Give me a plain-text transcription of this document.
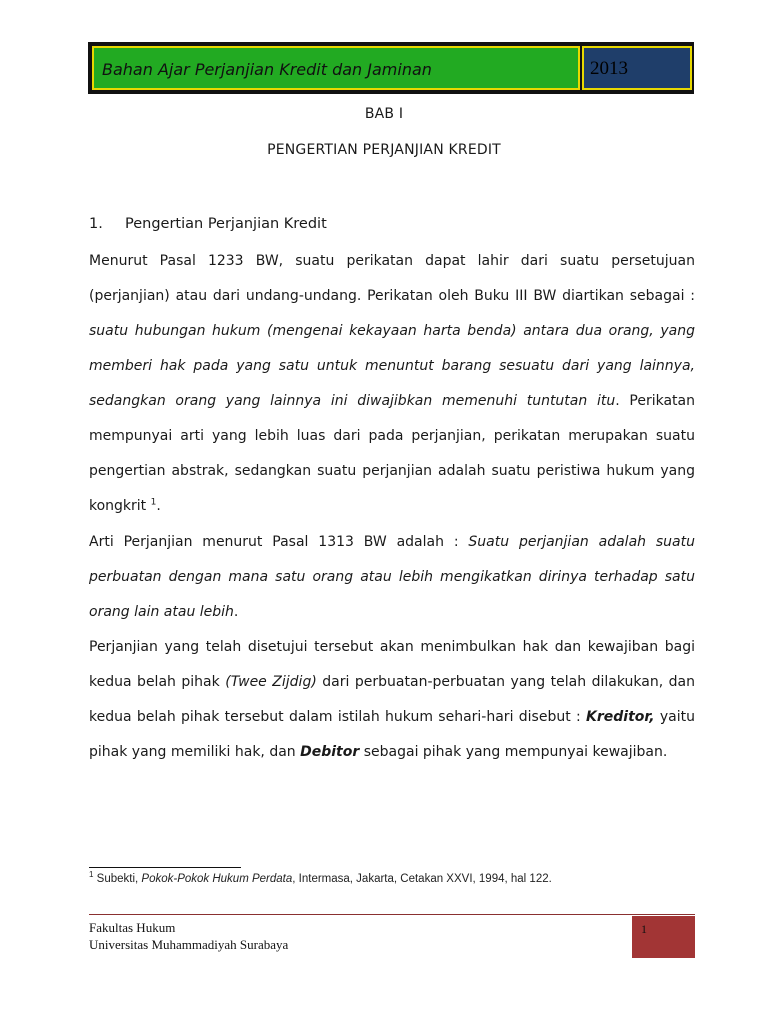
Bahan Ajar Perjanjian Kredit dan Jaminan	2013
BAB I
PENGERTIAN PERJANJIAN KREDIT
1. Pengertian Perjanjian Kredit
Menurut Pasal 1233 BW, suatu perikatan dapat lahir dari suatu persetujuan (perjanjian) atau dari undang-undang. Perikatan oleh Buku III BW diartikan sebagai : suatu hubungan hukum (mengenai kekayaan harta benda) antara dua orang, yang memberi hak pada yang satu untuk menuntut barang sesuatu dari yang lainnya, sedangkan orang yang lainnya ini diwajibkan memenuhi tuntutan itu. Perikatan mempunyai arti yang lebih luas dari pada perjanjian, perikatan merupakan suatu pengertian abstrak, sedangkan suatu perjanjian adalah suatu peristiwa hukum yang kongkrit $^1$.
Arti Perjanjian menurut Pasal 1313 BW adalah : Suatu perjanjian adalah suatu perbuatan dengan mana satu orang atau lebih mengikatkan dirinya terhadap satu orang lain atau lebih.
Perjanjian yang telah disetujui tersebut akan menimbulkan hak dan kewajiban bagi kedua belah pihak (Twee Zijdig) dari perbuatan-perbuatan yang telah dilakukan, dan kedua belah pihak tersebut dalam istilah hukum sehari-hari disebut : Kreditor, yaitu pihak yang memiliki hak, dan Debitor sebagai pihak yang mempunyai kewajiban.
$^1$ Subekti, Pokok-Pokok Hukum Perdata, Intermasa, Jakarta, Cetakan XXVI, 1994, hal 122.
Fakultas Hukum
Universitas Muhammadiyah Surabaya
1
